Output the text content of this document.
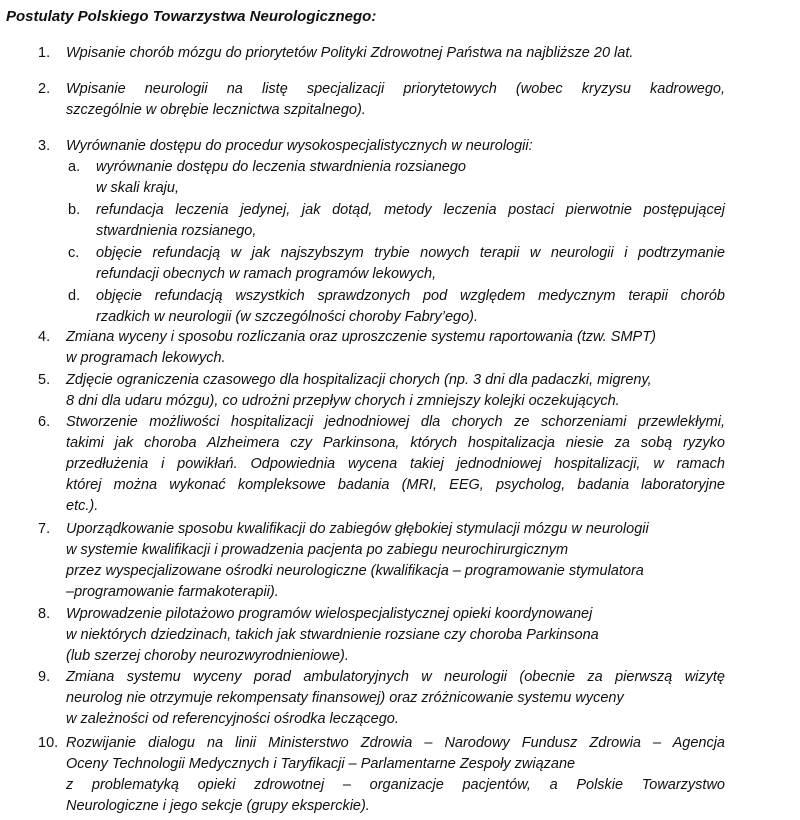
Postulaty Polskiego Towarzystwa Neurologicznego:
1. Wpisanie chorób mózgu do priorytetów Polityki Zdrowotnej Państwa na najbliższe 20 lat.
2. Wpisanie neurologii na listę specjalizacji priorytetowych (wobec kryzysu kadrowego,
szczególnie w obrębie lecznictwa szpitalnego).
3. Wyrównanie dostępu do procedur wysokospecjalistycznych w neurologii:
a. wyrównanie dostępu do leczenia stwardnienia rozsianego
w skali kraju,
b. refundacja leczenia jedynej, jak dotąd, metody leczenia postaci pierwotnie postępującej
stwardnienia rozsianego,
c. objęcie refundacją w jak najszybszym trybie nowych terapii w neurologii i podtrzymanie
refundacji obecnych w ramach programów lekowych,
d. objęcie refundacją wszystkich sprawdzonych pod względem medycznym terapii chorób
rzadkich w neurologii (w szczególności choroby Fabry’ego).
4. Zmiana wyceny i sposobu rozliczania oraz uproszczenie systemu raportowania (tzw. SMPT)
w programach lekowych.
5. Zdjęcie ograniczenia czasowego dla hospitalizacji chorych (np. 3 dni dla padaczki, migreny,
8 dni dla udaru mózgu), co udrożni przepływ chorych i zmniejszy kolejki oczekujących.
6. Stworzenie możliwości hospitalizacji jednodniowej dla chorych ze schorzeniami przewlekłymi,
takimi jak choroba Alzheimera czy Parkinsona, których hospitalizacja niesie za sobą ryzyko
przedłużenia i powikłań. Odpowiednia wycena takiej jednodniowej hospitalizacji, w ramach
której można wykonać kompleksowe badania (MRI, EEG, psycholog, badania laboratoryjne
etc.).
7. Uporządkowanie sposobu kwalifikacji do zabiegów głębokiej stymulacji mózgu w neurologii
w systemie kwalifikacji i prowadzenia pacjenta po zabiegu neurochirurgicznym
przez wyspecjalizowane ośrodki neurologiczne (kwalifikacja – programowanie stymulatora
–programowanie farmakoterapii).
8. Wprowadzenie pilotażowo programów wielospecjalistycznej opieki koordynowanej
w niektórych dziedzinach, takich jak stwardnienie rozsiane czy choroba Parkinsona
(lub szerzej choroby neurozwyrodnieniowe).
9. Zmiana systemu wyceny porad ambulatoryjnych w neurologii (obecnie za pierwszą wizytę
neurolog nie otrzymuje rekompensaty finansowej) oraz zróżnicowanie systemu wyceny
w zależności od referencyjności ośrodka leczącego.
10. Rozwijanie dialogu na linii Ministerstwo Zdrowia – Narodowy Fundusz Zdrowia – Agencja
Oceny Technologii Medycznych i Taryfikacji – Parlamentarne Zespoły związane
z problematyką opieki zdrowotnej – organizacje pacjentów, a Polskie Towarzystwo
Neurologiczne i jego sekcje (grupy eksperckie).
